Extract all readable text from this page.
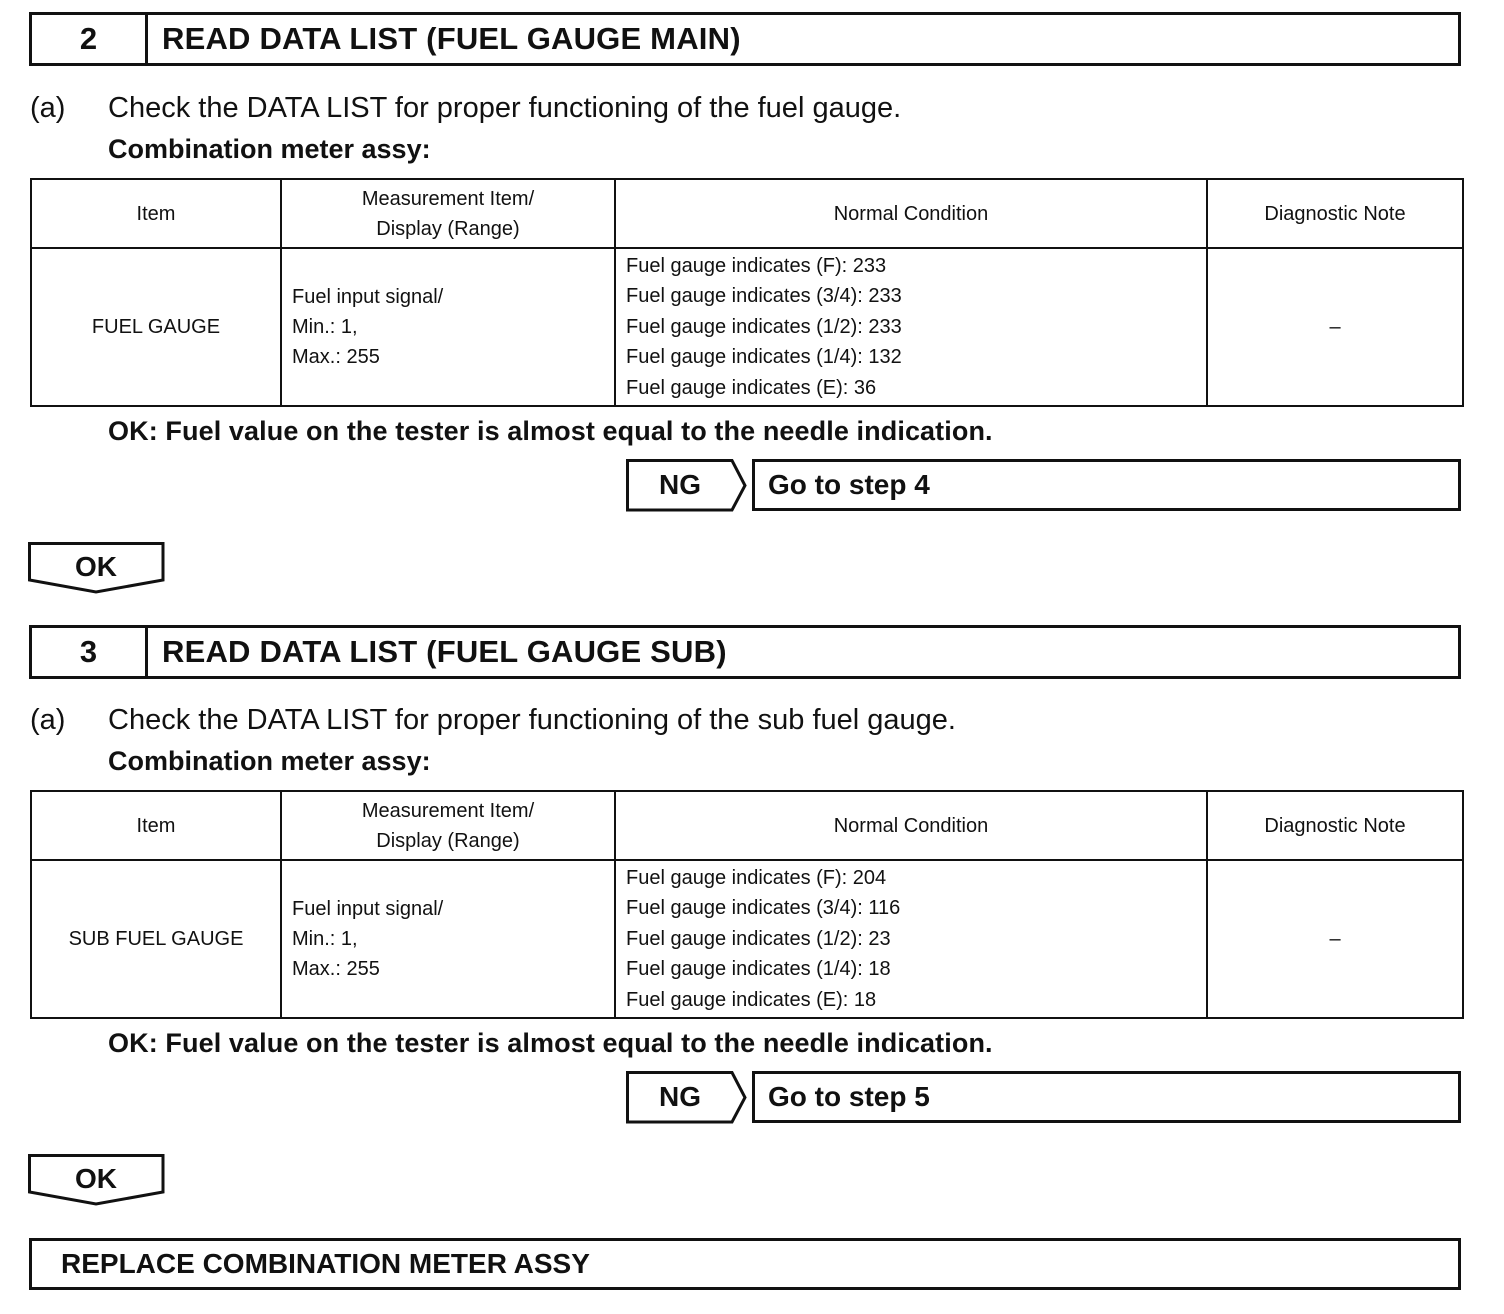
2	READ DATA LIST (FUEL GAUGE MAIN)
(a) Check the DATA LIST for proper functioning of the fuel gauge.
Combination meter assy:
Item	Measurement Item/
Display (Range)	Normal Condition	Diagnostic Note
FUEL GAUGE	Fuel input signal/
Min.: 1,
Max.: 255	Fuel gauge indicates (F): 233
Fuel gauge indicates (3/4): 233
Fuel gauge indicates (1/2): 233
Fuel gauge indicates (1/4): 132
Fuel gauge indicates (E): 36	–
OK: Fuel value on the tester is almost equal to the needle indication.
NG	Go to step 4
OK
3	READ DATA LIST (FUEL GAUGE SUB)
(a) Check the DATA LIST for proper functioning of the sub fuel gauge.
Combination meter assy:
Item	Measurement Item/
Display (Range)	Normal Condition	Diagnostic Note
SUB FUEL GAUGE	Fuel input signal/
Min.: 1,
Max.: 255	Fuel gauge indicates (F): 204
Fuel gauge indicates (3/4): 116
Fuel gauge indicates (1/2): 23
Fuel gauge indicates (1/4): 18
Fuel gauge indicates (E): 18	–
OK: Fuel value on the tester is almost equal to the needle indication.
NG	Go to step 5
OK
REPLACE COMBINATION METER ASSY
